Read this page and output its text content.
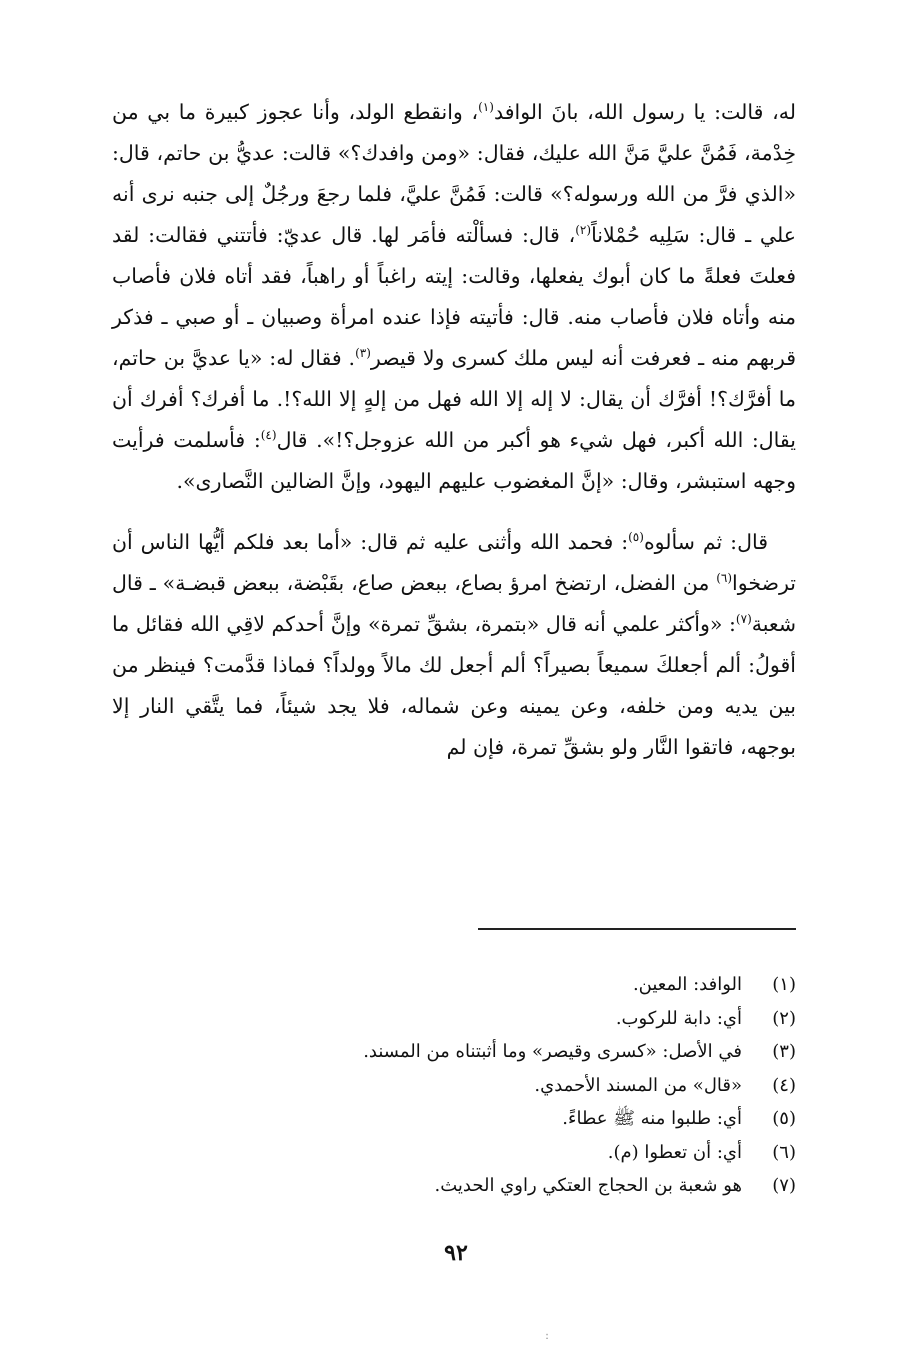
له، قالت: يا رسول الله، بانَ الوافد$^{(١)}$، وانقطع الولد، وأنا عجوز كبيرة ما بي من خِدْمة، فَمُنَّ عليَّ مَنَّ الله عليك، فقال: «ومن وافدك؟» قالت: عديُّ بن حاتم، قال: «الذي فرَّ من الله ورسوله؟» قالت: فَمُنَّ عليَّ، فلما رجعَ ورجُلٌ إلى جنبه نرى أنه علي ـ قال: سَلِيه حُمْلاناً$^{(٢)}$، قال: فسألْته فأمَر لها. قال عديّ: فأتتني فقالت: لقد فعلتَ فعلةً ما كان أبوك يفعلها، وقالت: إيته راغباً أو راهباً، فقد أتاه فلان فأصاب منه وأتاه فلان فأصاب منه. قال: فأتيته فإذا عنده امرأة وصبيان ـ أو صبي ـ فذكر قربهم منه ـ فعرفت أنه ليس ملك كسرى ولا قيصر$^{(٣)}$. فقال له: «يا عديَّ بن حاتم، ما أفرَّك؟! أفرَّك أن يقال: لا إله إلا الله فهل من إلهٍ إلا الله؟!. ما أفرك؟ أفرك أن يقال: الله أكبر، فهل شيء هو أكبر من الله عزوجل؟!». قال$^{(٤)}$: فأسلمت فرأيت وجهه استبشر، وقال: «إنَّ المغضوب عليهم اليهود، وإنَّ الضالين النَّصارى».

قال: ثم سألوه$^{(٥)}$: فحمد الله وأثنى عليه ثم قال: «أما بعد فلكم أيُّها الناس أن ترضخوا$^{(٦)}$ من الفضل، ارتضخ امرؤ بصاع، ببعض صاع، بقَبْضة، ببعض قبضـة» ـ قال شعبة$^{(٧)}$: «وأكثر علمي أنه قال «بتمرة، بشقِّ تمرة» وإنَّ أحدكم لاقِي الله فقائل ما أقولُ: ألم أجعلكَ سميعاً بصيراً؟ ألم أجعل لك مالاً وولداً؟ فماذا قدَّمت؟ فينظر من بين يديه ومن خلفه، وعن يمينه وعن شماله، فلا يجد شيئاً، فما يتَّقي النار إلا بوجهه، فاتقوا النَّار ولو بشقِّ تمرة، فإن لم

(١)
الوافد: المعين.
(٢)
أي: دابة للركوب.
(٣)
في الأصل: «كسرى وقيصر» وما أثبتناه من المسند.
(٤)
«قال» من المسند الأحمدي.
(٥)
أي: طلبوا منه ﷺ عطاءً.
(٦)
أي: أن تعطوا (م).
(٧)
هو شعبة بن الحجاج العتكي راوي الحديث.
٩٢
ː
